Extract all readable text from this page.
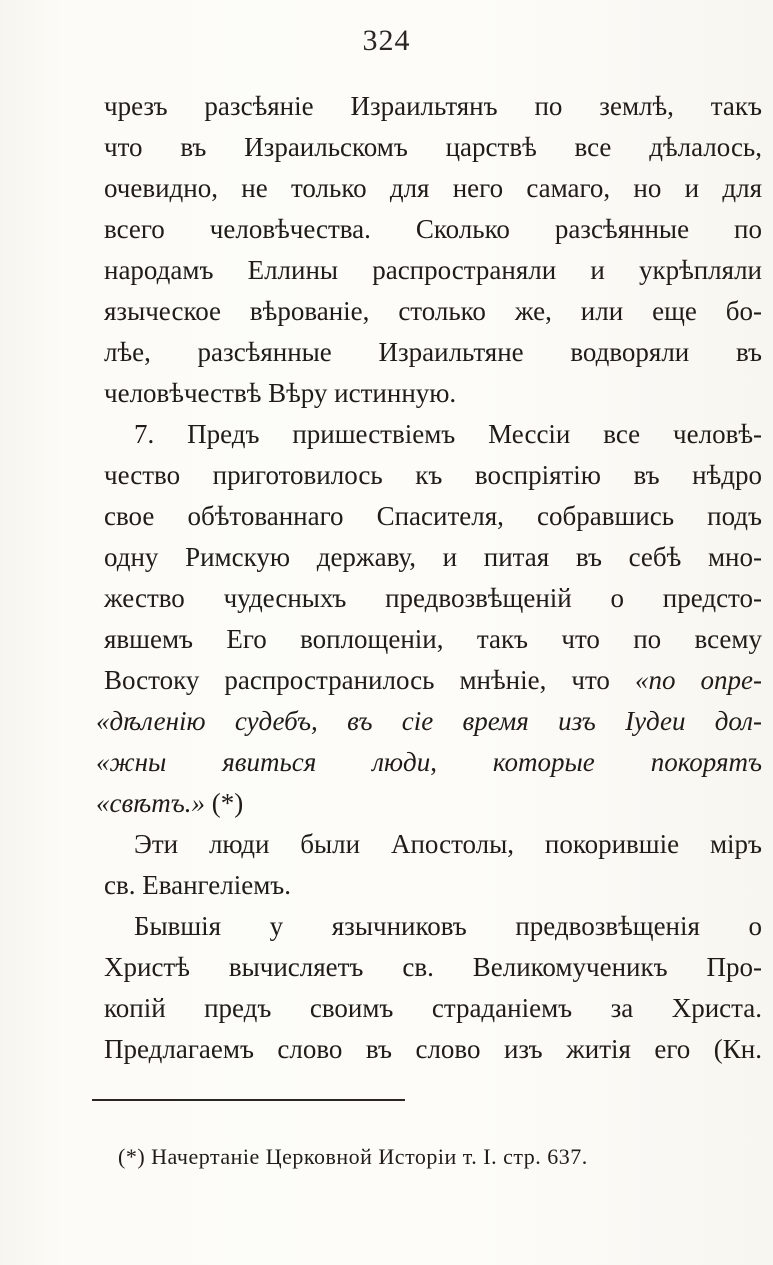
324
чрезъ разсѣяніе Израильтянъ по землѣ, такъ
что въ Израильскомъ царствѣ все дѣлалось,
очевидно, не только для него самаго, но и для
всего человѣчества. Сколько разсѣянные по
народамъ Еллины распространяли и укрѣпляли
языческое вѣрованіе, столько же, или еще бо-
лѣе, разсѣянные Израильтяне водворяли въ
человѣчествѣ Вѣру истинную.
7. Предъ пришествіемъ Мессіи все человѣ-
чество приготовилось къ воспріятію въ нѣдро
свое обѣтованнаго Спасителя, собравшись подъ
одну Римскую державу, и питая въ себѣ мно-
жество чудесныхъ предвозвѣщеній о предсто-
явшемъ Его воплощеніи, такъ что по всему
Востоку распространилось мнѣніе, что «по опре-
«дѣленію судебъ, въ сіе время изъ Іудеи дол-
«жны явиться люди, которые покорятъ
«свѣтъ.» (*)
Эти люди были Апостолы, покорившіе міръ
св. Евангеліемъ.
Бывшія у язычниковъ предвозвѣщенія о
Христѣ вычисляетъ св. Великомученикъ Про-
копій предъ своимъ страданіемъ за Христа.
Предлагаемъ слово въ слово изъ житія его (Кн.
(*) Начертаніе Церковной Исторіи т. I. стр. 637.
